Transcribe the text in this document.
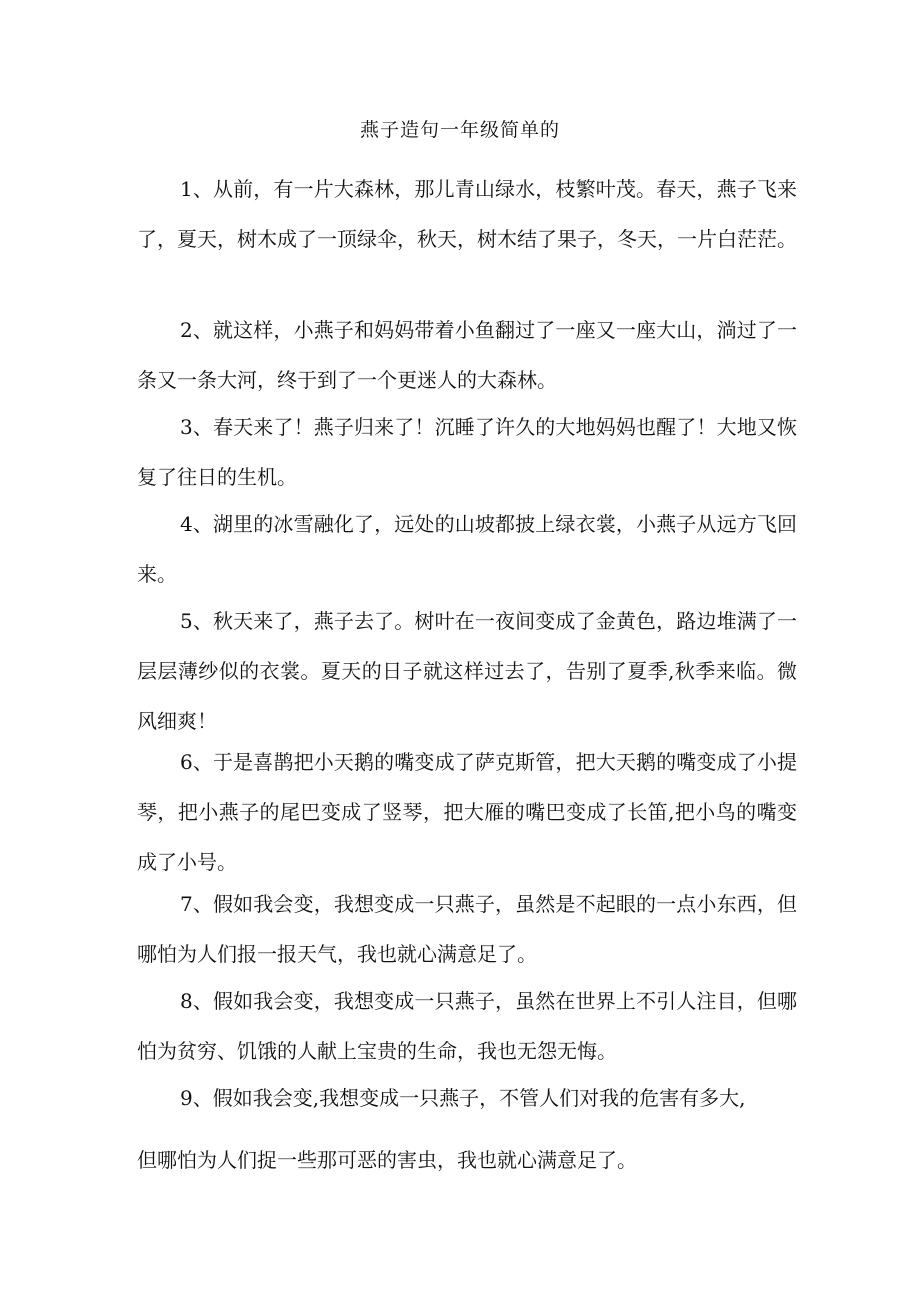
燕子造句一年级简单的
1、从前，有一片大森林，那儿青山绿水，枝繁叶茂。春天，燕子飞来了，夏天，树木成了一顶绿伞，秋天，树木结了果子，冬天，一片白茫茫。
2、就这样，小燕子和妈妈带着小鱼翻过了一座又一座大山，淌过了一条又一条大河，终于到了一个更迷人的大森林。
3、春天来了！燕子归来了！沉睡了许久的大地妈妈也醒了！大地又恢复了往日的生机。
4、湖里的冰雪融化了，远处的山坡都披上绿衣裳，小燕子从远方飞回来。
5、秋天来了，燕子去了。树叶在一夜间变成了金黄色，路边堆满了一层层薄纱似的衣裳。夏天的日子就这样过去了，告别了夏季,秋季来临。微风细爽！
6、于是喜鹊把小天鹅的嘴变成了萨克斯管，把大天鹅的嘴变成了小提琴，把小燕子的尾巴变成了竖琴，把大雁的嘴巴变成了长笛,把小鸟的嘴变成了小号。
7、假如我会变，我想变成一只燕子，虽然是不起眼的一点小东西，但哪怕为人们报一报天气，我也就心满意足了。
8、假如我会变，我想变成一只燕子，虽然在世界上不引人注目，但哪怕为贫穷、饥饿的人献上宝贵的生命，我也无怨无悔。
9、假如我会变,我想变成一只燕子，不管人们对我的危害有多大,
但哪怕为人们捉一些那可恶的害虫，我也就心满意足了。
